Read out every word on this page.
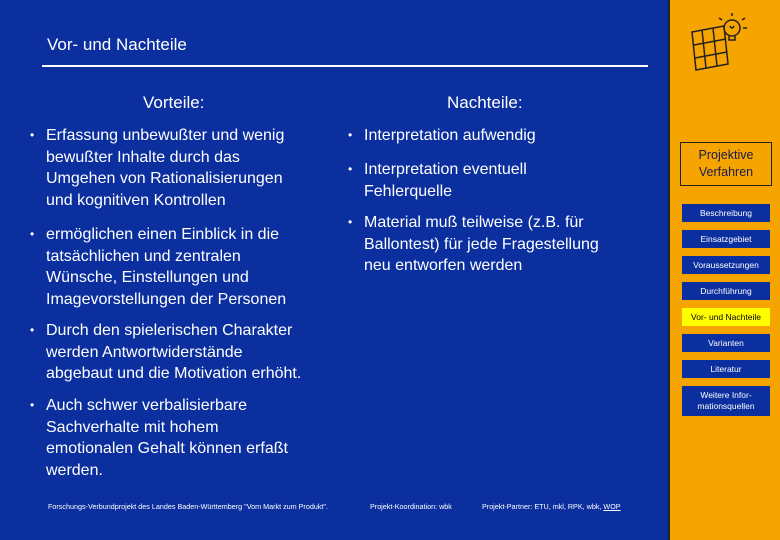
Vor- und Nachteile
Vorteile:	Nachteile:
• Erfassung unbewußter und wenig
bewußter Inhalte durch das
Umgehen von Rationalisierungen
und kognitiven Kontrollen
• ermöglichen einen Einblick in die
tatsächlichen und zentralen
Wünsche, Einstellungen und
Imagevorstellungen der Personen
• Interpretation aufwendig
• Interpretation eventuell
Fehlerquelle
• Material muß teilweise (z.B. für
Ballontest) für jede Fragestellung
neu entworfen werden
• Durch den spielerischen Charakter
werden Antwortwiderstände
abgebaut und die Motivation erhöht.
• Auch schwer verbalisierbare
Sachverhalte mit hohem
emotionalen Gehalt können erfaßt
werden.
Forschungs-Verbundprojekt des Landes Baden-Württemberg "Vom Markt zum Produkt".	Projekt-Koordination: wbk	Projekt-Partner: ETU, mkl, RPK, wbk, WOP
Projektive
Verfahren
Beschreibung
Einsatzgebiet
Voraussetzungen
Durchführung
Vor- und Nachteile
Varianten
Literatur
Weitere Infor-
mationsquellen
